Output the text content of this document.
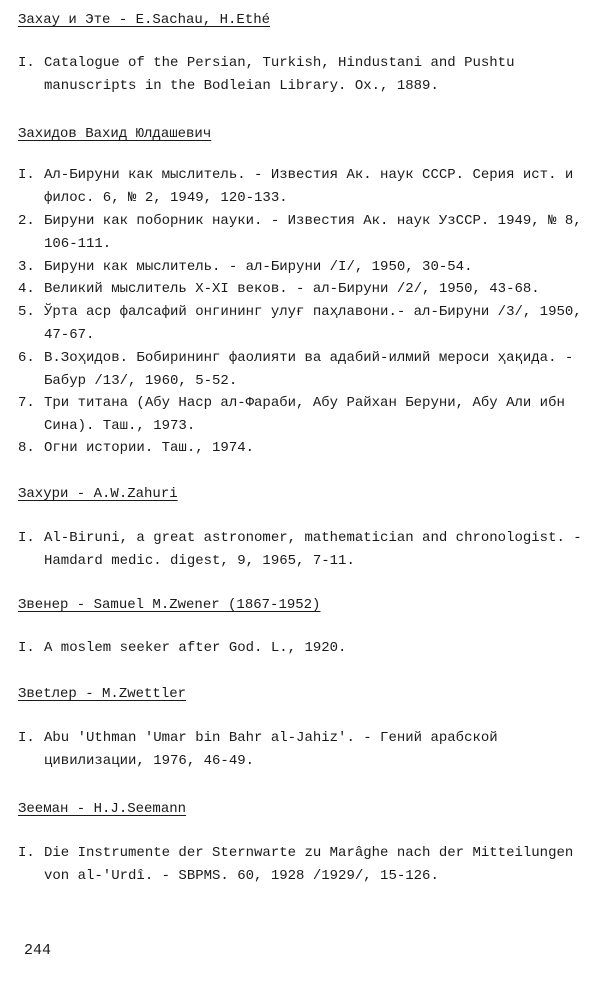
Захау и Эте - E.Sachau, H.Ethé
I. Catalogue of the Persian, Turkish, Hindustani and Pushtu manuscripts in the Bodleian Library. Ox., 1889.
Захидов Вахид Юлдашевич
I. Ал-Бируни как мыслитель. - Известия Ак. наук СССР. Серия ист. и филос. 6, № 2, 1949, 120-133.
2. Бируни как поборник науки. - Известия Ак. наук УзССР. 1949, № 8, 106-111.
3. Бируни как мыслитель. - ал-Бируни /I/, 1950, 30-54.
4. Великий мыслитель X-XI веков. - ал-Бируни /2/, 1950, 43-68.
5. Ўрта аср фалсафий онгининг улуғ паҳлавони.- ал-Бируни /3/, 1950, 47-67.
6. В.Зоҳидов. Бобирининг фаолияти ва адабий-илмий мероси ҳақида. - Бабур /13/, 1960, 5-52.
7. Три титана (Абу Наср ал-Фараби, Абу Райхан Беруни, Абу Али ибн Сина). Таш., 1973.
8. Огни истории. Таш., 1974.
Захури - A.W.Zahuri
I. Al-Biruni, a great astronomer, mathematician and chronologist. - Hamdard medic. digest, 9, 1965, 7-11.
Звенер - Samuel M.Zwener (1867-1952)
I. A moslem seeker after God. L., 1920.
Звetлер - M.Zwettler
I. Abu 'Uthman 'Umar bin Bahr al-Jahiz'. - Гений арабской цивилизации, 1976, 46-49.
Зееман - H.J.Seemann
I. Die Instrumente der Sternwarte zu Marâghe nach der Mitteilungen von al-'Urdî. - SBPMS. 60, 1928 /1929/, 15-126.
244
